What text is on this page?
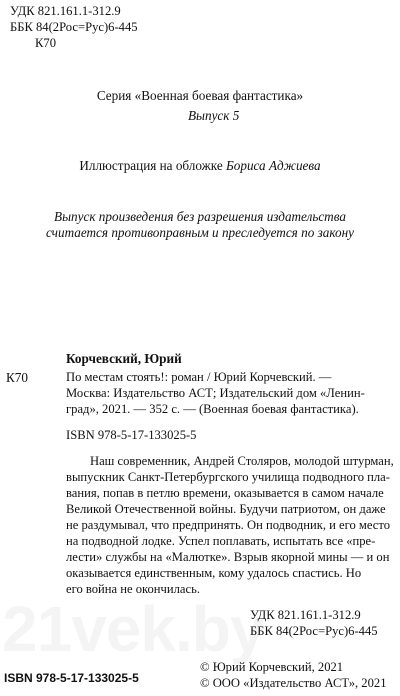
УДК 821.161.1-312.9
ББК 84(2Рос=Рус)6-445
К70
Серия «Военная боевая фантастика»
Выпуск 5
Иллюстрация на обложке Бориса Аджиева
Выпуск произведения без разрешения издательства
считается противоправным и преследуется по закону
Корчевский, Юрий
К70	По местам стоять!: роман / Юрий Корчевский. —
Москва: Издательство АСТ; Издательский дом «Ленин-
град», 2021. — 352 с. — (Военная боевая фантастика).
ISBN 978-5-17-133025-5
Наш современник, Андрей Столяров, молодой штурман,
выпускник Санкт-Петербургского училища подводного пла-
вания, попав в петлю времени, оказывается в самом начале
Великой Отечественной войны. Будучи патриотом, он даже
не раздумывал, что предпринять. Он подводник, и его место
на подводной лодке. Успел поплавать, испытать все «пре-
лести» службы на «Малютке». Взрыв якорной мины — и он
оказывается единственным, кому удалось спастись. Но
его война не окончилась.
УДК 821.161.1-312.9
ББК 84(2Рос=Рус)6-445
ISBN 978-5-17-133025-5
© Юрий Корчевский, 2021
© ООО «Издательство АСТ», 2021
